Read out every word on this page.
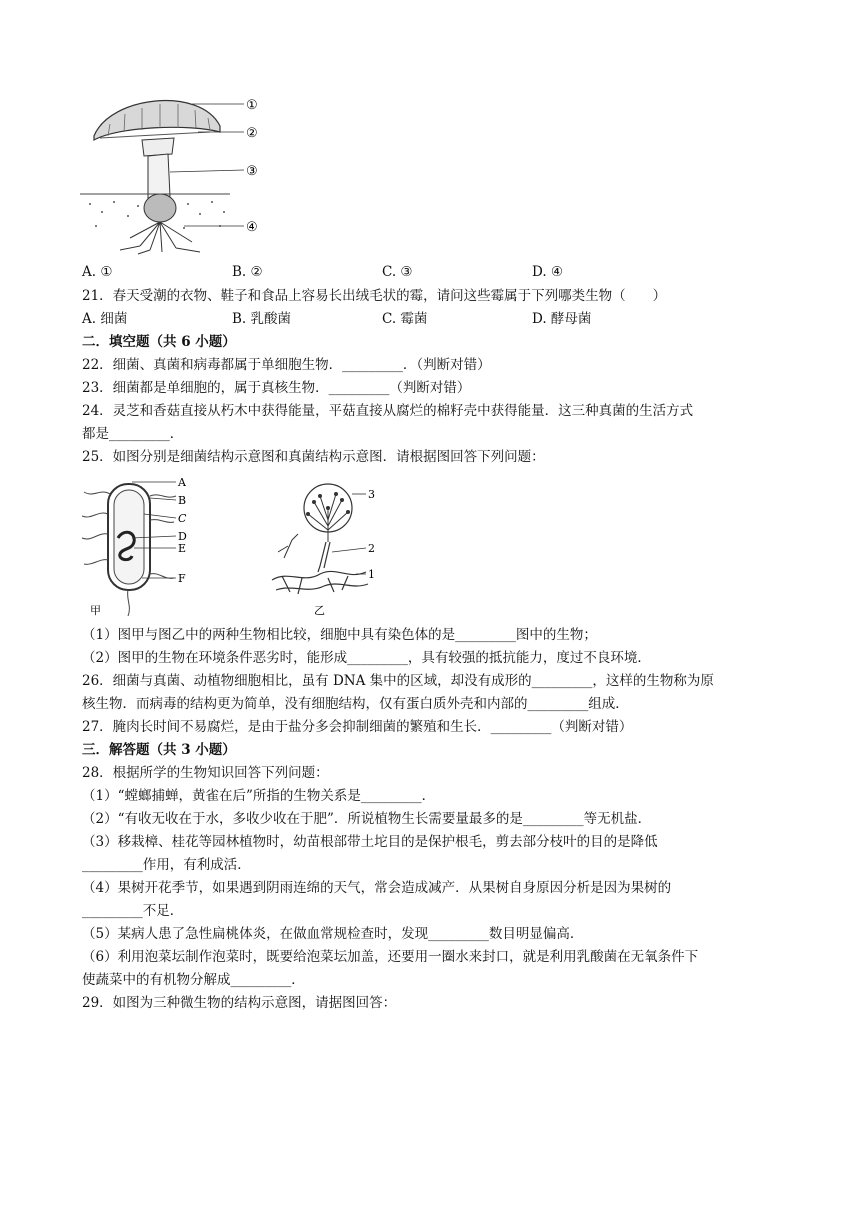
①
②
③
④
A. ①	B. ②	C. ③	D. ④
21．春天受潮的衣物、鞋子和食品上容易长出绒毛状的霉，请问这些霉属于下列哪类生物（　　）
A. 细菌	B. 乳酸菌	C. 霉菌	D. 酵母菌
二．填空题（共 6 小题）
22．细菌、真菌和病毒都属于单细胞生物．_________．（判断对错）
23．细菌都是单细胞的，属于真核生物．_________（判断对错）
24．灵芝和香菇直接从朽木中获得能量，平菇直接从腐烂的棉籽壳中获得能量．这三种真菌的生活方式
都是_________．
25．如图分别是细菌结构示意图和真菌结构示意图．请根据图回答下列问题：
A
B
C
D
E
F
甲
3
2
1
乙
（1）图甲与图乙中的两种生物相比较，细胞中具有染色体的是_________图中的生物；
（2）图甲的生物在环境条件恶劣时，能形成_________，具有较强的抵抗能力，度过不良环境．
26．细菌与真菌、动植物细胞相比，虽有 DNA 集中的区域，却没有成形的_________，这样的生物称为原
核生物．而病毒的结构更为简单，没有细胞结构，仅有蛋白质外壳和内部的_________组成．
27．腌肉长时间不易腐烂，是由于盐分多会抑制细菌的繁殖和生长．_________（判断对错）
三．解答题（共 3 小题）
28．根据所学的生物知识回答下列问题：
（1）“螳螂捕蝉，黄雀在后”所指的生物关系是_________．
（2）“有收无收在于水，多收少收在于肥”．所说植物生长需要量最多的是_________等无机盐．
（3）移栽樟、桂花等园林植物时，幼苗根部带土坨目的是保护根毛，剪去部分枝叶的目的是降低
_________作用，有利成活．
（4）果树开花季节，如果遇到阴雨连绵的天气，常会造成减产．从果树自身原因分析是因为果树的
_________不足．
（5）某病人患了急性扁桃体炎，在做血常规检查时，发现_________数目明显偏高．
（6）利用泡菜坛制作泡菜时，既要给泡菜坛加盖，还要用一圈水来封口，就是利用乳酸菌在无氧条件下
使蔬菜中的有机物分解成_________．
29．如图为三种微生物的结构示意图，请据图回答：
